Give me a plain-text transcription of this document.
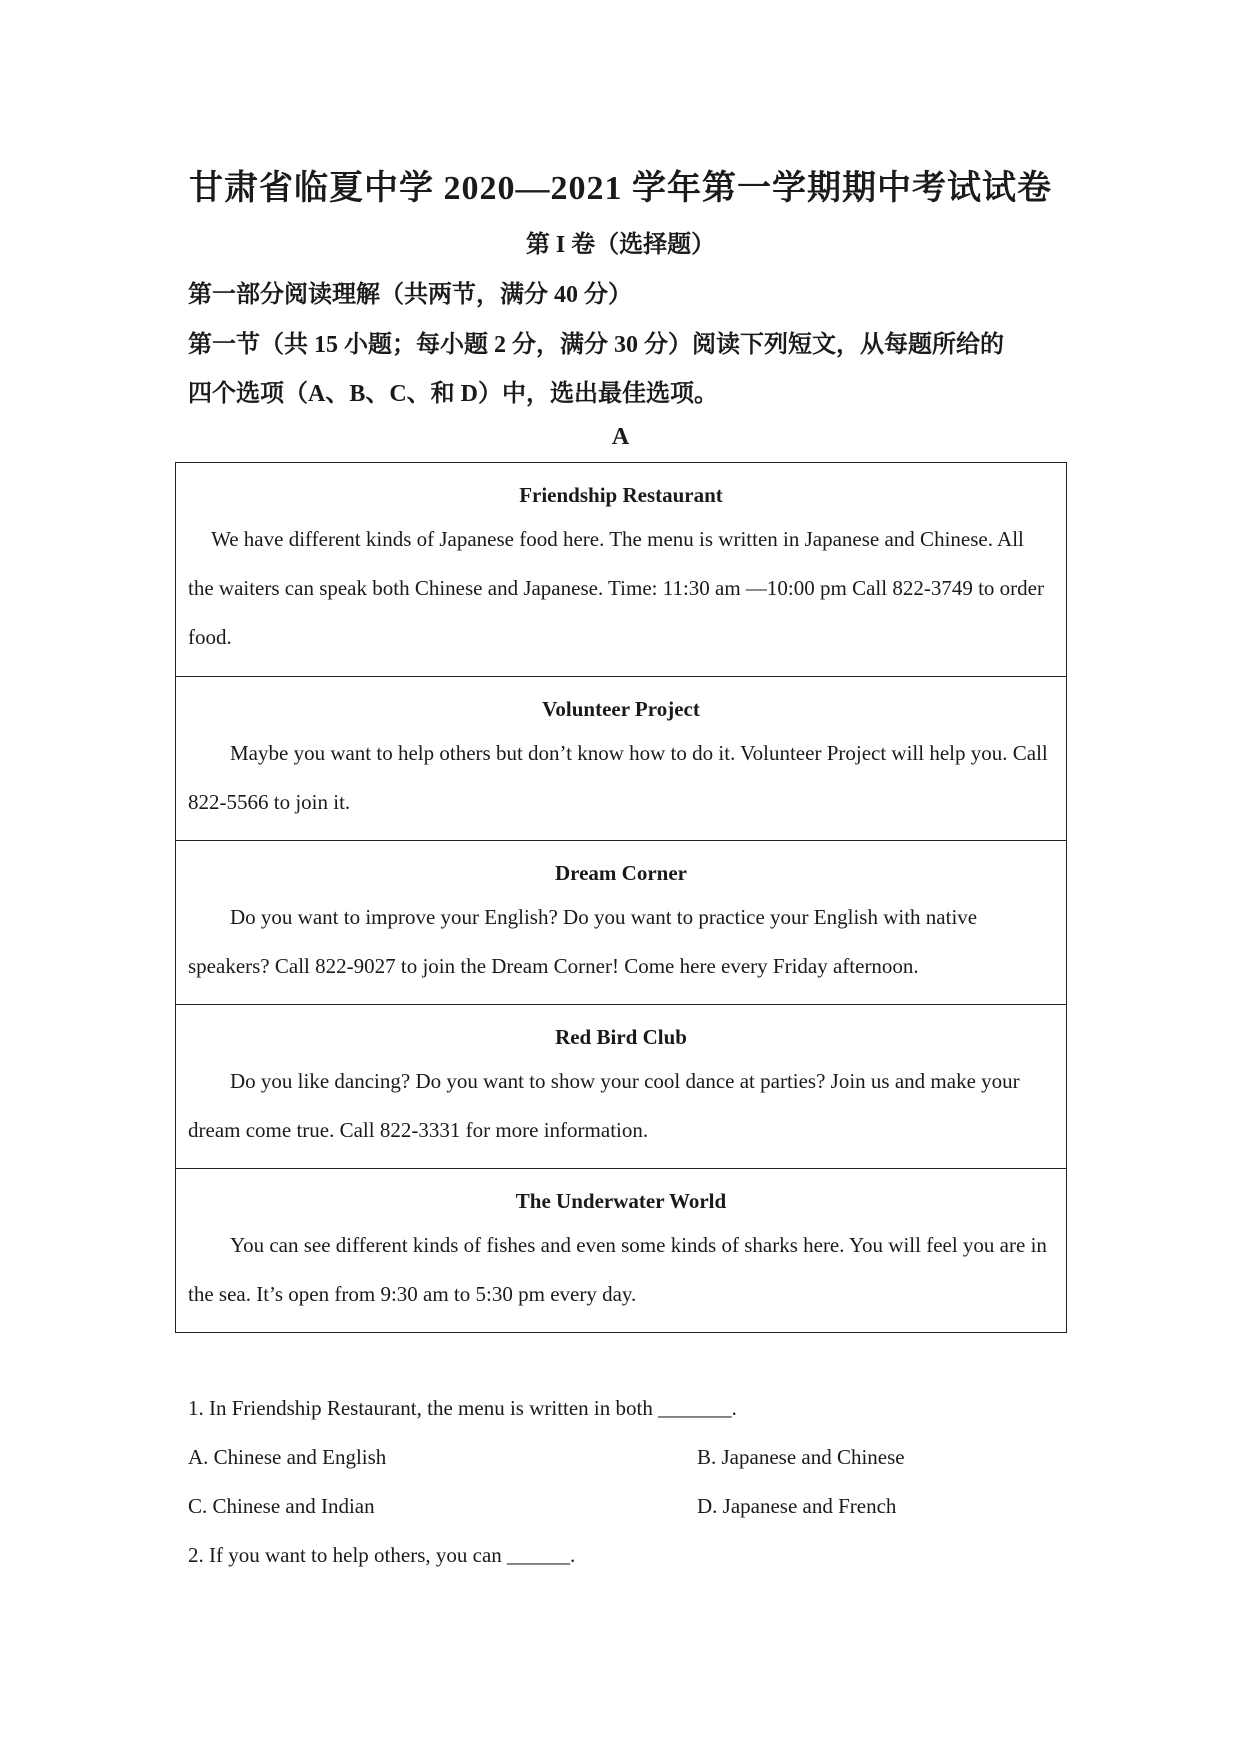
甘肃省临夏中学 2020—2021 学年第一学期期中考试试卷
第 I 卷（选择题）
第一部分阅读理解（共两节，满分 40 分）
第一节（共 15 小题；每小题 2 分，满分 30 分）阅读下列短文，从每题所给的
四个选项（A、B、C、和 D）中，选出最佳选项。
A
Friendship Restaurant
We have different kinds of Japanese food here. The menu is written in Japanese and Chinese. All the waiters can speak both Chinese and Japanese. Time: 11:30 am —10:00 pm Call 822-3749 to order food.
Volunteer Project
Maybe you want to help others but don’t know how to do it. Volunteer Project will help you. Call 822-5566 to join it.
Dream Corner
Do you want to improve your English? Do you want to practice your English with native speakers? Call 822-9027 to join the Dream Corner! Come here every Friday afternoon.
Red Bird Club
Do you like dancing? Do you want to show your cool dance at parties? Join us and make your dream come true. Call 822-3331 for more information.
The Underwater World
You can see different kinds of fishes and even some kinds of sharks here. You will feel you are in the sea. It’s open from 9:30 am to 5:30 pm every day.
1. In Friendship Restaurant, the menu is written in both _______.
A. Chinese and English	B. Japanese and Chinese
C. Chinese and Indian	D. Japanese and French
2. If you want to help others, you can ______.
